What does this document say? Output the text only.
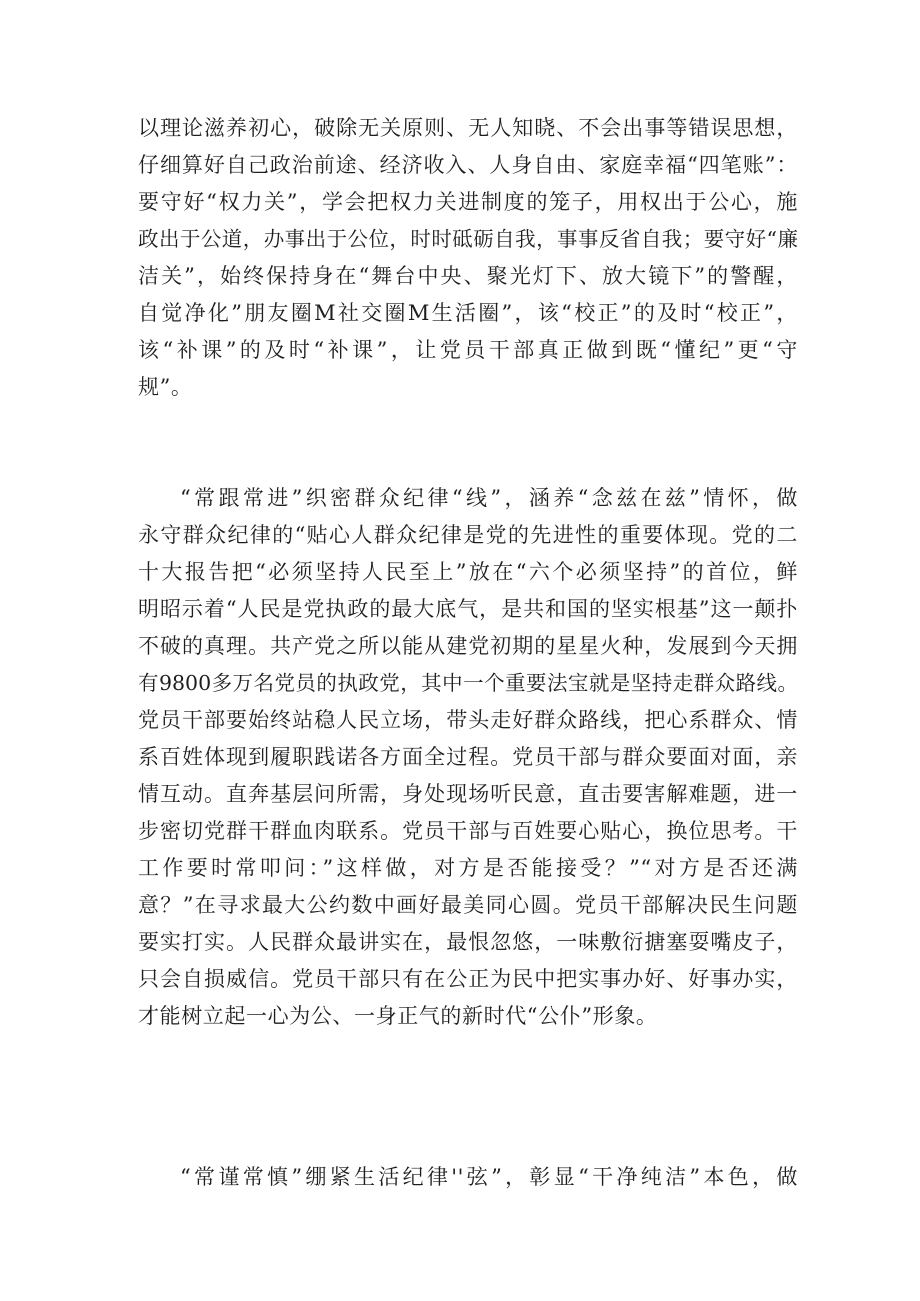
以理论滋养初心，破除无关原则、无人知晓、不会出事等错误思想，
仔细算好自己政治前途、经济收入、人身自由、家庭幸福“四笔账”：
要守好“权力关”，学会把权力关进制度的笼子，用权出于公心，施
政出于公道，办事出于公位，时时砥砺自我，事事反省自我；要守好“廉
洁关”，始终保持身在“舞台中央、聚光灯下、放大镜下”的警醒，
自觉净化”朋友圈M社交圈M生活圈”，该“校正”的及时“校正”，
该“补课”的及时“补课”，让党员干部真正做到既“懂纪”更“守
规”。
“常跟常进”织密群众纪律“线”，涵养“念兹在兹”情怀，做
永守群众纪律的“贴心人群众纪律是党的先进性的重要体现。党的二
十大报告把“必须坚持人民至上”放在“六个必须坚持”的首位，鲜
明昭示着“人民是党执政的最大底气，是共和国的坚实根基”这一颠扑
不破的真理。共产党之所以能从建党初期的星星火种，发展到今天拥
有9800多万名党员的执政党，其中一个重要法宝就是坚持走群众路线。
党员干部要始终站稳人民立场，带头走好群众路线，把心系群众、情
系百姓体现到履职践诺各方面全过程。党员干部与群众要面对面，亲
情互动。直奔基层问所需，身处现场听民意，直击要害解难题，进一
步密切党群干群血肉联系。党员干部与百姓要心贴心，换位思考。干
工作要时常叩问：”这样做，对方是否能接受？”“对方是否还满
意？”在寻求最大公约数中画好最美同心圆。党员干部解决民生问题
要实打实。人民群众最讲实在，最恨忽悠，一味敷衍搪塞耍嘴皮子，
只会自损威信。党员干部只有在公正为民中把实事办好、好事办实，
才能树立起一心为公、一身正气的新时代“公仆”形象。
“常谨常慎”绷紧生活纪律''弦”，彰显“干净纯洁”本色，做
